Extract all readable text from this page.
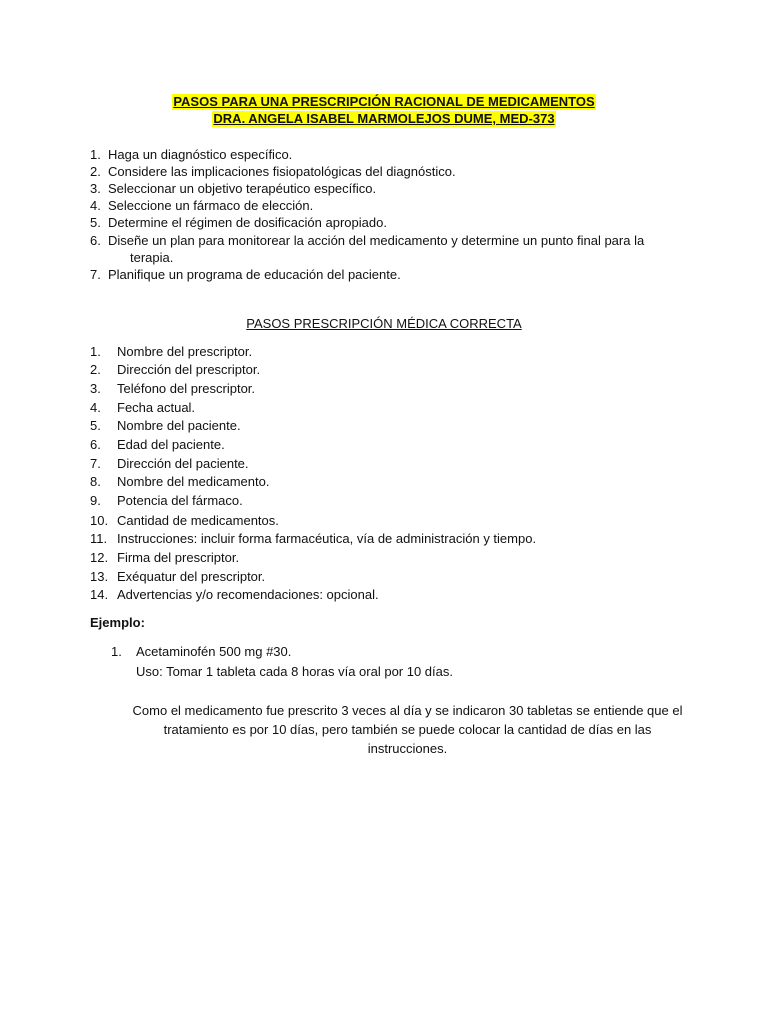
PASOS PARA UNA PRESCRIPCIÓN RACIONAL DE MEDICAMENTOS
DRA. ANGELA ISABEL MARMOLEJOS DUME, MED-373
1. Haga un diagnóstico específico.
2. Considere las implicaciones fisiopatológicas del diagnóstico.
3. Seleccionar un objetivo terapéutico específico.
4. Seleccione un fármaco de elección.
5. Determine el régimen de dosificación apropiado.
6. Diseñe un plan para monitorear la acción del medicamento y determine un punto final para la
terapia.
7. Planifique un programa de educación del paciente.
PASOS PRESCRIPCIÓN MÉDICA CORRECTA
1. Nombre del prescriptor.
2. Dirección del prescriptor.
3. Teléfono del prescriptor.
4. Fecha actual.
5. Nombre del paciente.
6. Edad del paciente.
7. Dirección del paciente.
8. Nombre del medicamento.
9. Potencia del fármaco.
10. Cantidad de medicamentos.
11. Instrucciones: incluir forma farmacéutica, vía de administración y tiempo.
12. Firma del prescriptor.
13. Exéquatur del prescriptor.
14. Advertencias y/o recomendaciones: opcional.
Ejemplo:
1. Acetaminofén 500 mg #30.
Uso: Tomar 1 tableta cada 8 horas vía oral por 10 días.
Como el medicamento fue prescrito 3 veces al día y se indicaron 30 tabletas se entiende que el tratamiento es por 10 días, pero también se puede colocar la cantidad de días en las instrucciones.
